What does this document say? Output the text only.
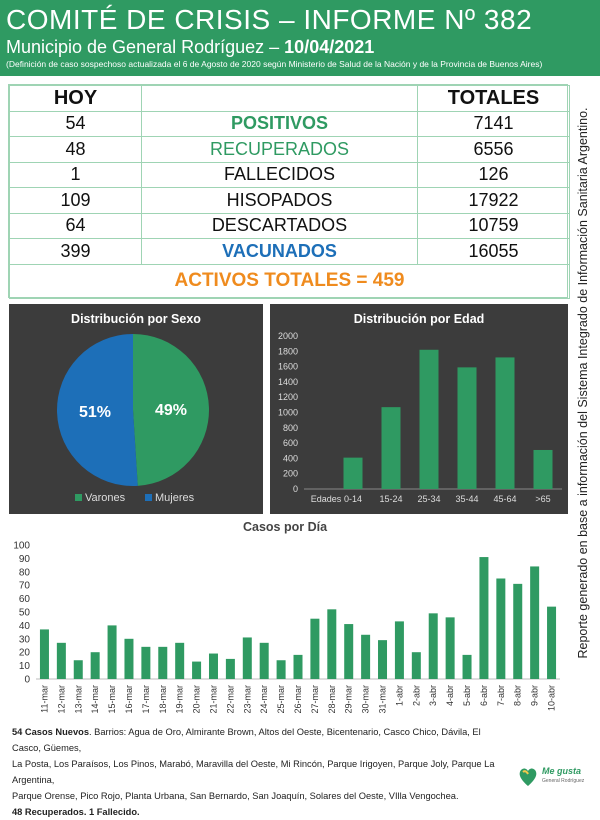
COMITÉ DE CRISIS – INFORME Nº 382
Municipio de General Rodríguez – 10/04/2021
(Definición de caso sospechoso actualizada el 6 de Agosto de 2020 según Ministerio de Salud de la Nación y de la Provincia de Buenos Aires)
HOY		TOTALES
54	POSITIVOS	7141
48	RECUPERADOS	6556
1	FALLECIDOS	126
109	HISOPADOS	17922
64	DESCARTADOS	10759
399	VACUNADOS	16055
ACTIVOS TOTALES = 459			Reporte generado en base a información del Sistema Integrado de Información Sanitaria Argentino.
Distribución por Sexo
49%
51%
Varones	Mujeres
Distribución por Edad
0
200
400
600
800
1000
1200
1400
1600
1800
2000
Edades 0-14 15-24 25-34 35-44 45-64 >65
Casos por Día
0
10
20
30
40
50
60
70
80
90
100
11-mar 12-mar 13-mar 14-mar 15-mar 16-mar 17-mar 18-mar 19-mar 20-mar 21-mar 22-mar 23-mar 24-mar 25-mar 26-mar 27-mar 28-mar 29-mar 30-mar 31-mar 1-abr 2-abr 3-abr 4-abr 5-abr 6-abr 7-abr 8-abr 9-abr 10-abr
54 Casos Nuevos. Barrios: Agua de Oro, Almirante Brown, Altos del Oeste, Bicentenario, Casco Chico, Dávila, El Casco, Güemes,
La Posta, Los Paraísos, Los Pinos, Marabó, Maravilla del Oeste, Mi Rincón, Parque Irigoyen, Parque Joly, Parque La Argentina,
Parque Orense, Pico Rojo, Planta Urbana, San Bernardo, San Joaquín, Solares del Oeste, VIlla Vengochea.
48 Recuperados. 1 Fallecido.
Me gusta
General Rodríguez
